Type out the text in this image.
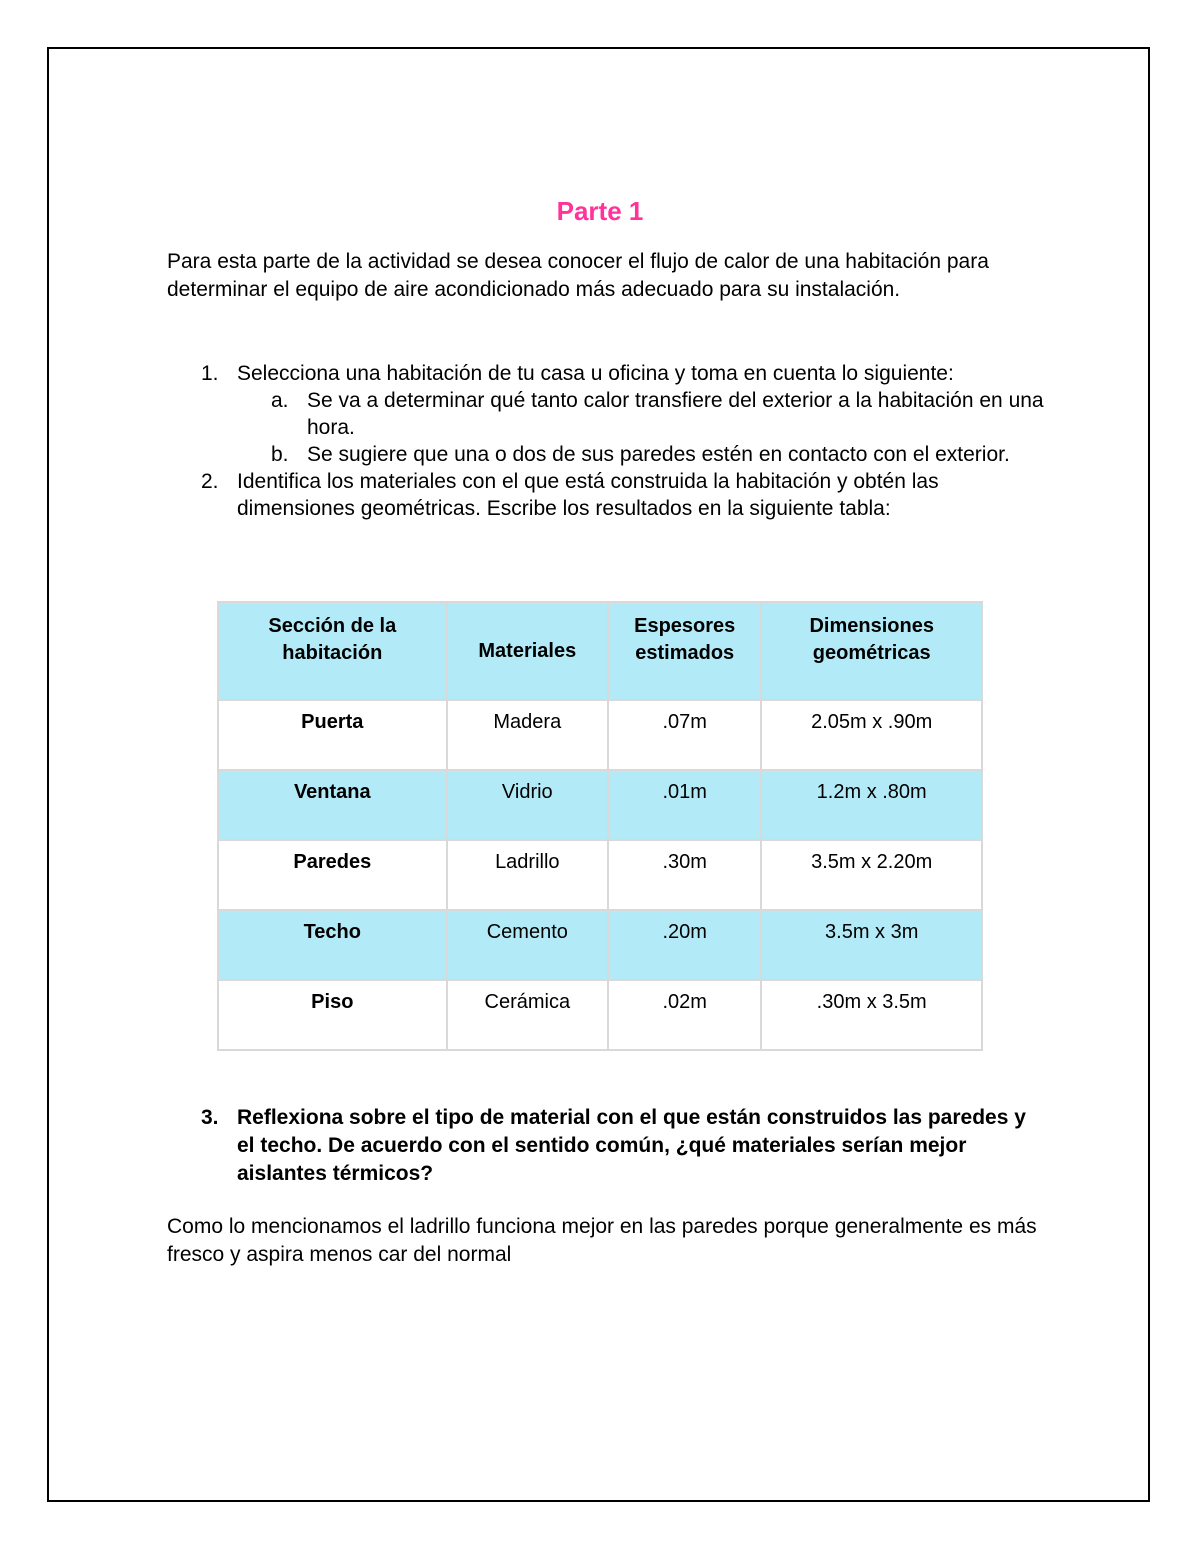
Parte 1

Para esta parte de la actividad se desea conocer el flujo de calor de una habitación para determinar el equipo de aire acondicionado más adecuado para su instalación.

1. Selecciona una habitación de tu casa u oficina y toma en cuenta lo siguiente:
a. Se va a determinar qué tanto calor transfiere del exterior a la habitación en una hora.
b. Se sugiere que una o dos de sus paredes estén en contacto con el exterior.
2. Identifica los materiales con el que está construida la habitación y obtén las dimensiones geométricas. Escribe los resultados en la siguiente tabla:
Sección de la habitación	Materiales	Espesores estimados	Dimensiones geométricas
Puerta	Madera	.07m	2.05m x .90m
Ventana	Vidrio	.01m	1.2m x .80m
Paredes	Ladrillo	.30m	3.5m x 2.20m
Techo	Cemento	.20m	3.5m x 3m
Piso	Cerámica	.02m	.30m x 3.5m
3. Reflexiona sobre el tipo de material con el que están construidos las paredes y el techo. De acuerdo con el sentido común, ¿qué materiales serían mejor aislantes térmicos?

Como lo mencionamos el ladrillo funciona mejor en las paredes porque generalmente es más fresco y aspira menos car del normal
